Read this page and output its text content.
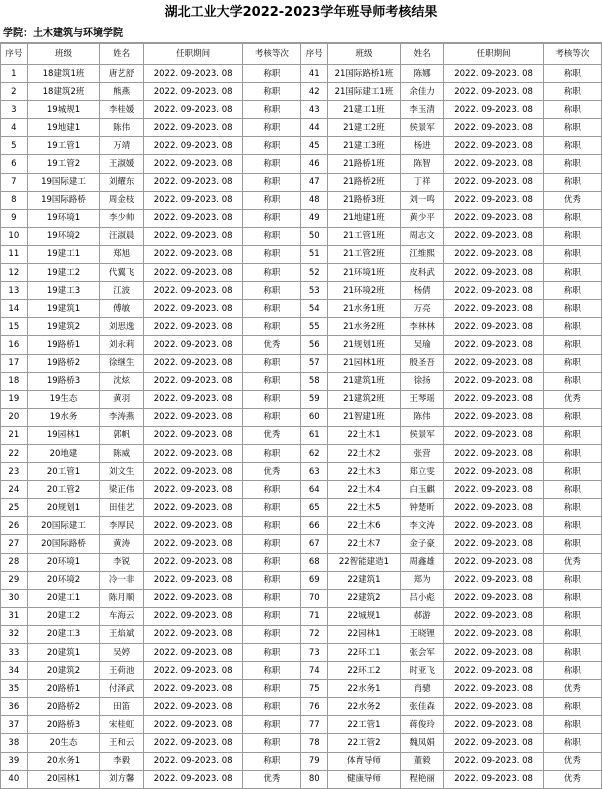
湖北工业大学2022-2023学年班导师考核结果
学院：土木建筑与环境学院
序号	班级	姓名	任职期间	考核等次	序号	班级	姓名	任职期间	考核等次
1	18建筑1班	唐艺舒	2022. 09-2023. 08	称职	41	21国际路桥1班	陈娜	2022. 09-2023. 08	称职
2	18建筑2班	熊燕	2022. 09-2023. 08	称职	42	21国际建工1班	余佳力	2022. 09-2023. 08	称职
3	19城规1	李桂媛	2022. 09-2023. 08	称职	43	21建工1班	李玉清	2022. 09-2023. 08	称职
4	19地建1	陈伟	2022. 09-2023. 08	称职	44	21建工2班	侯景军	2022. 09-2023. 08	称职
5	19工管1	万靖	2022. 09-2023. 08	称职	45	21建工3班	杨进	2022. 09-2023. 08	称职
6	19工管2	王淑媛	2022. 09-2023. 08	称职	46	21路桥1班	陈智	2022. 09-2023. 08	称职
7	19国际建工	刘耀东	2022. 09-2023. 08	称职	47	21路桥2班	丁祥	2022. 09-2023. 08	称职
8	19国际路桥	周金枝	2022. 09-2023. 08	称职	48	21路桥3班	刘一鸣	2022. 09-2023. 08	优秀
9	19环境1	李少帅	2022. 09-2023. 08	称职	49	21地建1班	黄少平	2022. 09-2023. 08	称职
10	19环境2	汪淑晨	2022. 09-2023. 08	称职	50	21工管1班	周志文	2022. 09-2023. 08	称职
11	19建工1	郑旭	2022. 09-2023. 08	称职	51	21工管2班	江维熙	2022. 09-2023. 08	称职
12	19建工2	代翼飞	2022. 09-2023. 08	称职	52	21环境1班	皮科武	2022. 09-2023. 08	称职
13	19建工3	江波	2022. 09-2023. 08	称职	53	21环境2班	杨倩	2022. 09-2023. 08	称职
14	19建筑1	傅敏	2022. 09-2023. 08	称职	54	21水务1班	万亮	2022. 09-2023. 08	称职
15	19建筑2	刘思逸	2022. 09-2023. 08	称职	55	21水务2班	李林林	2022. 09-2023. 08	称职
16	19路桥1	刘永莉	2022. 09-2023. 08	优秀	56	21规划1班	吴瑜	2022. 09-2023. 08	称职
17	19路桥2	徐继生	2022. 09-2023. 08	称职	57	21园林1班	殷圣吾	2022. 09-2023. 08	称职
18	19路桥3	沈炫	2022. 09-2023. 08	称职	58	21建筑1班	徐扬	2022. 09-2023. 08	称职
19	19生态	黄羽	2022. 09-2023. 08	称职	59	21建筑2班	王琴瑶	2022. 09-2023. 08	优秀
20	19水务	李涛燕	2022. 09-2023. 08	称职	60	21智建1班	陈伟	2022. 09-2023. 08	称职
21	19园林1	郭帆	2022. 09-2023. 08	优秀	61	22土木1	侯景军	2022. 09-2023. 08	称职
22	20地建	陈威	2022. 09-2023. 08	称职	62	22土木2	张营	2022. 09-2023. 08	称职
23	20工管1	刘文生	2022. 09-2023. 08	优秀	63	22土木3	郑立雯	2022. 09-2023. 08	称职
24	20工管2	梁正伟	2022. 09-2023. 08	称职	64	22土木4	白玉麒	2022. 09-2023. 08	称职
25	20规划1	田佳艺	2022. 09-2023. 08	称职	65	22土木5	钟楚昕	2022. 09-2023. 08	称职
26	20国际建工	李厚民	2022. 09-2023. 08	称职	66	22土木6	李文涛	2022. 09-2023. 08	称职
27	20国际路桥	黄涛	2022. 09-2023. 08	称职	67	22土木7	金子豪	2022. 09-2023. 08	称职
28	20环境1	李锐	2022. 09-2023. 08	称职	68	22智能建造1	周鑫雄	2022. 09-2023. 08	优秀
29	20环境2	冷一非	2022. 09-2023. 08	称职	69	22建筑1	郑为	2022. 09-2023. 08	称职
30	20建工1	陈月顺	2022. 09-2023. 08	称职	70	22建筑2	吕小彪	2022. 09-2023. 08	称职
31	20建工2	车海云	2022. 09-2023. 08	称职	71	22城规1	郝游	2022. 09-2023. 08	称职
32	20建工3	王焰斌	2022. 09-2023. 08	称职	72	22园林1	王晓锂	2022. 09-2023. 08	称职
33	20建筑1	吴婷	2022. 09-2023. 08	称职	73	22环工1	张会军	2022. 09-2023. 08	称职
34	20建筑2	王荷池	2022. 09-2023. 08	称职	74	22环工2	时亚飞	2022. 09-2023. 08	称职
35	20路桥1	付泽武	2022. 09-2023. 08	称职	75	22水务1	肖骢	2022. 09-2023. 08	优秀
36	20路桥2	田笛	2022. 09-2023. 08	称职	76	22水务2	张佳森	2022. 09-2023. 08	称职
37	20路桥3	宋桂虹	2022. 09-2023. 08	称职	77	22工管1	蒋俊玲	2022. 09-2023. 08	称职
38	20生态	王和云	2022. 09-2023. 08	称职	78	22工管2	魏凤娟	2022. 09-2023. 08	称职
39	20水务1	李毅	2022. 09-2023. 08	称职	79	体育导师	董毅	2022. 09-2023. 08	优秀
40	20园林1	刘方馨	2022. 09-2023. 08	优秀	80	健康导师	程艳丽	2022. 09-2023. 08	优秀
